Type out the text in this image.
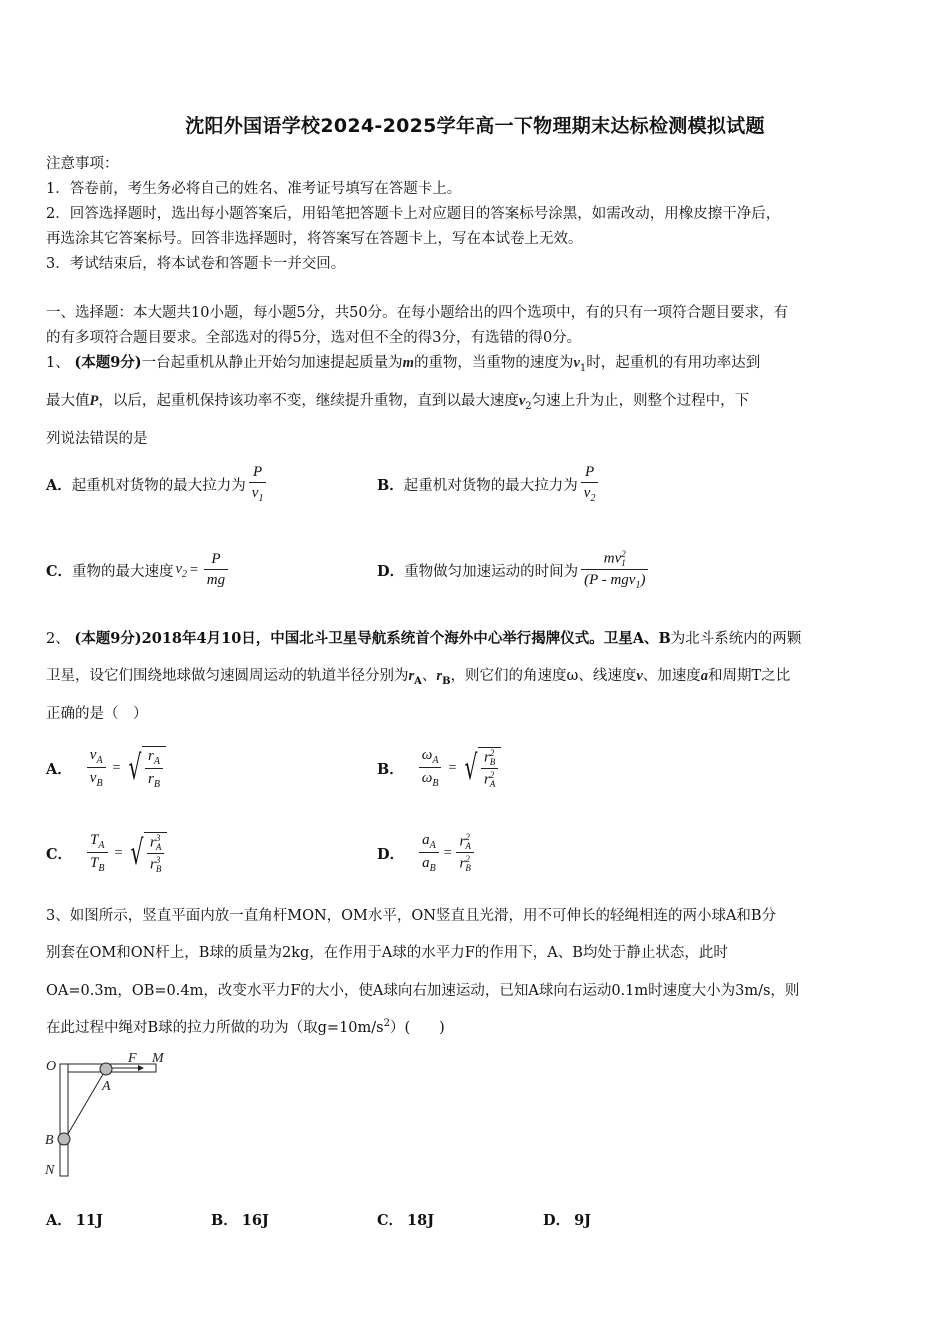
沈阳外国语学校2024-2025学年高一下物理期末达标检测模拟试题
注意事项：
1．答卷前，考生务必将自己的姓名、准考证号填写在答题卡上。
2．回答选择题时，选出每小题答案后，用铅笔把答题卡上对应题目的答案标号涂黑，如需改动，用橡皮擦干净后，
再选涂其它答案标号。回答非选择题时，将答案写在答题卡上，写在本试卷上无效。
3．考试结束后，将本试卷和答题卡一并交回。
一、选择题：本大题共10小题，每小题5分，共50分。在每小题给出的四个选项中，有的只有一项符合题目要求，有
的有多项符合题目要求。全部选对的得5分，选对但不全的得3分，有选错的得0分。
1、 (本题9分)一台起重机从静止开始匀加速提起质量为m的重物，当重物的速度为$v_1$时，起重机的有用功率达到
最大值P，以后，起重机保持该功率不变，继续提升重物，直到以最大速度$v_2$匀速上升为止，则整个过程中，下
列说法错误的是
A． 起重机对货物的最大拉力为 $\frac{P}{v_1}$	B． 起重机对货物的最大拉力为 $\frac{P}{v_2}$
C． 重物的最大速度 $v_2 = \frac{P}{mg}$	D． 重物做匀加速运动的时间为 mv 2
1
(P - mgv$_1$)
2、 (本题9分)2018年4月10日，中国北斗卫星导航系统首个海外中心举行揭牌仪式。卫星A、B为北斗系统内的两颗
卫星，设它们围绕地球做匀速圆周运动的轨道半径分别为$r_A$、$r_B$，则它们的角速度ω、线速度v、加速度a和周期T之比
正确的是（　）
A． $\frac{v_A}{v_B}$ = √ $\frac{r_A}{r_B}$	B． $\frac{\omega_A}{\omega_B}$ = √ r 2
B
r 2
A
C． $\frac{T_A}{T_B}$ = √ r 3
A
r 3
B	D． $\frac{a_A}{a_B} = r$ 2
A
r 2
B
3、如图所示，竖直平面内放一直角杆MON，OM水平，ON竖直且光滑，用不可伸长的轻绳相连的两小球A和B分
别套在OM和ON杆上，B球的质量为2kg，在作用于A球的水平力F的作用下，A、B均处于静止状态，此时
OA=0.3m，OB=0.4m，改变水平力F的大小，使A球向右加速运动，已知A球向右运动0.1m时速度大小为3m/s，则
在此过程中绳对B球的拉力所做的功为（取$g=10m/s^2$）(　　)
O
F M
A
B
N
A． 11J	B． 16J	C． 18J	D． 9J
